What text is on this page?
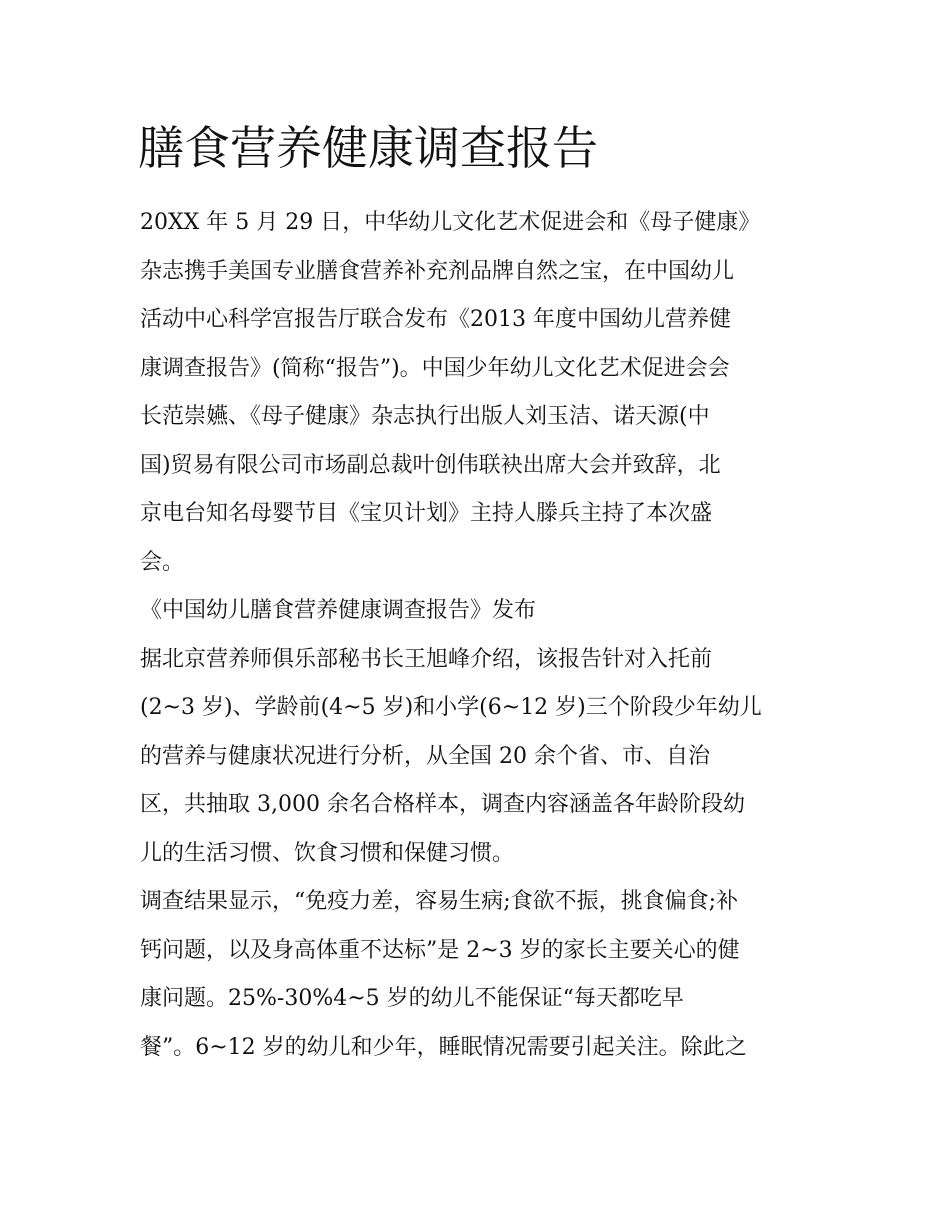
膳食营养健康调查报告

20XX 年 5 月 29 日，中华幼儿文化艺术促进会和《母子健康》

杂志携手美国专业膳食营养补充剂品牌自然之宝，在中国幼儿

活动中心科学宫报告厅联合发布《2013 年度中国幼儿营养健

康调查报告》(简称“报告”)。中国少年幼儿文化艺术促进会会

长范崇嬿、《母子健康》杂志执行出版人刘玉洁、诺天源(中

国)贸易有限公司市场副总裁叶创伟联袂出席大会并致辞，北

京电台知名母婴节目《宝贝计划》主持人滕兵主持了本次盛

会。

《中国幼儿膳食营养健康调查报告》发布

据北京营养师俱乐部秘书长王旭峰介绍，该报告针对入托前

(2~3 岁)、学龄前(4~5 岁)和小学(6~12 岁)三个阶段少年幼儿

的营养与健康状况进行分析，从全国 20 余个省、市、自治

区，共抽取 3,000 余名合格样本，调查内容涵盖各年龄阶段幼

儿的生活习惯、饮食习惯和保健习惯。

调查结果显示，“免疫力差，容易生病;食欲不振，挑食偏食;补

钙问题，以及身高体重不达标”是 2~3 岁的家长主要关心的健

康问题。25%-30%4~5 岁的幼儿不能保证“每天都吃早

餐”。6~12 岁的幼儿和少年，睡眠情况需要引起关注。除此之
